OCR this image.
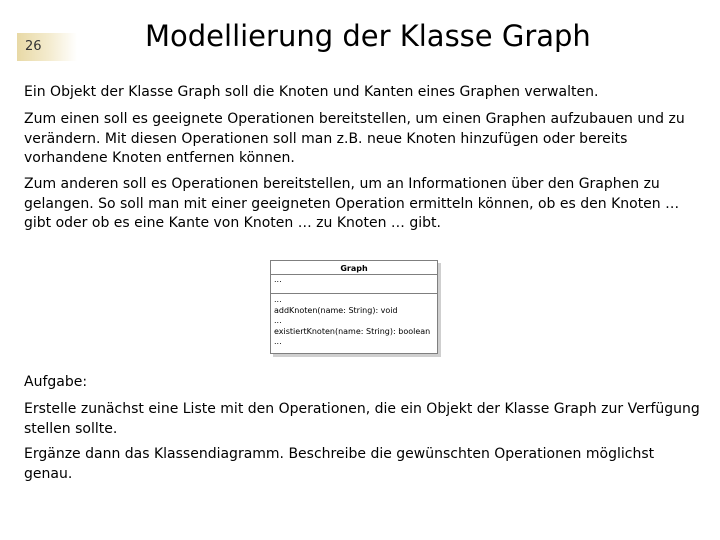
26	Modellierung der Klasse Graph
Ein Objekt der Klasse Graph soll die Knoten und Kanten eines Graphen verwalten.
Zum einen soll es geeignete Operationen bereitstellen, um einen Graphen aufzubauen und zu verändern. Mit diesen Operationen soll man z.B. neue Knoten hinzufügen oder bereits vorhandene Knoten entfernen können.
Zum anderen soll es Operationen bereitstellen, um an Informationen über den Graphen zu gelangen. So soll man mit einer geeigneten Operation ermitteln können, ob es den Knoten … gibt oder ob es eine Kante von Knoten … zu Knoten … gibt.
Graph
...
...
addKnoten(name: String): void
...
existiertKnoten(name: String): boolean
...
Aufgabe:
Erstelle zunächst eine Liste mit den Operationen, die ein Objekt der Klasse Graph zur Verfügung stellen sollte.
Ergänze dann das Klassendiagramm. Beschreibe die gewünschten Operationen möglichst genau.
